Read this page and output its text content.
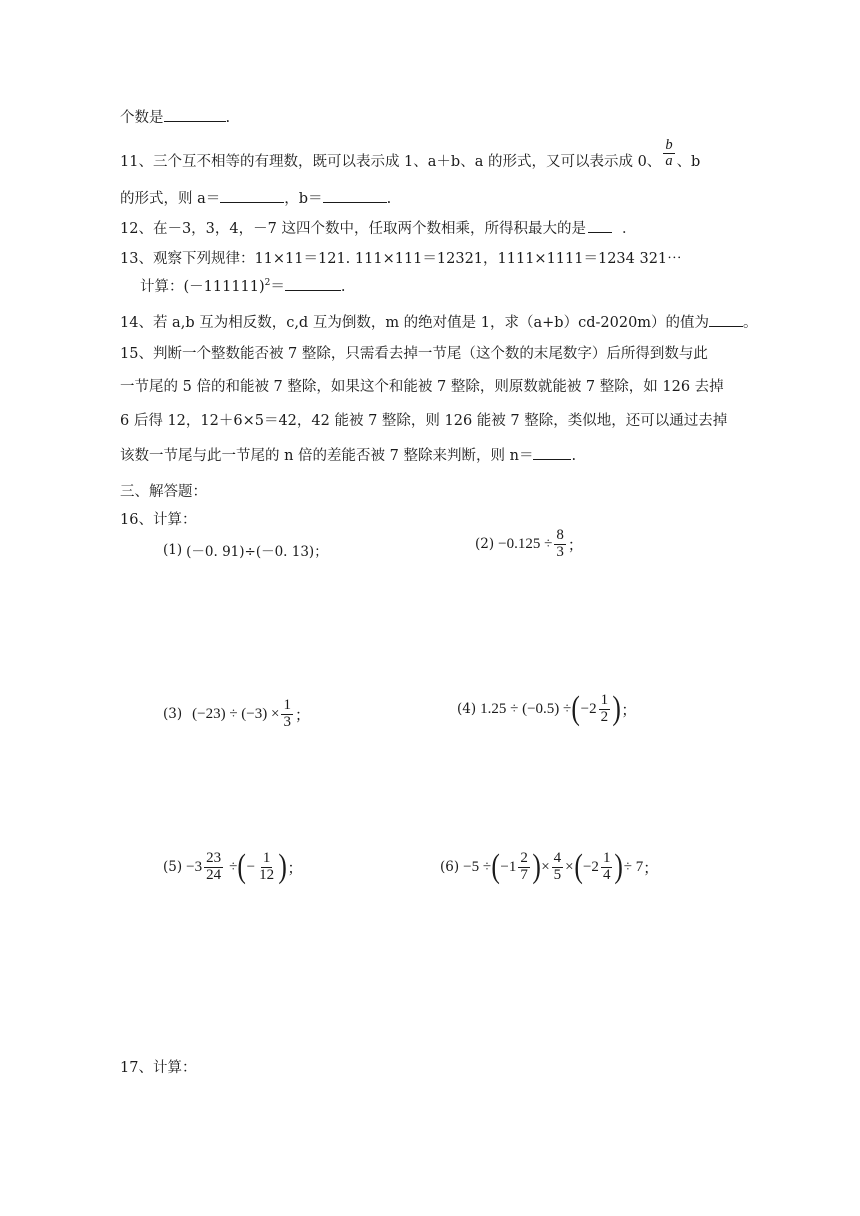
个数是	.
11、三个互不相等的有理数，既可以表示成 1、a＋b、a 的形式，又可以表示成 0、 $\frac{b}{a}$ 、b
的形式，则 a＝	，b＝	.
12、在－3，3，4，－7 这四个数中，任取两个数相乘，所得积最大的是 ．
13、观察下列规律：11×11＝121. 111×111＝12321，1111×1111＝1234 321⋯
计算：$(-111111)^2=$	.
14、若 a,b 互为相反数，c,d 互为倒数，m 的绝对值是 1，求（a+b）cd-2020m）的值为 。
15、判断一个整数能否被 7 整除，只需看去掉一节尾（这个数的末尾数字）后所得到数与此
一节尾的 5 倍的和能被 7 整除，如果这个和能被 7 整除，则原数就能被 7 整除，如 126 去掉
6 后得 12，12＋6×5＝42，42 能被 7 整除，则 126 能被 7 整除，类似地，还可以通过去掉
该数一节尾与此一节尾的 n 倍的差能否被 7 整除来判断，则 n＝	.
三、解答题：
16、计算：
(1) (－0. 91)÷(－0. 13)；	$(2) -0.125 \div \frac{8}{3}$ ；
(3) $(-23) \div (-3) \times \frac{1}{3}$ ；	(4) 1.25 ÷ (−0.5) ÷ ( $-2 \frac{1}{2}$ ) ；
$(5) -3 \frac{23}{24}$ ÷ ( − $\frac{1}{12}$ ) ；	(6) −5 ÷ ( $-1 \frac{2}{7}$ ) × $\frac{4}{5}$ × ( $-2 \frac{1}{4}$ ) ÷ 7 ；
17、计算：
